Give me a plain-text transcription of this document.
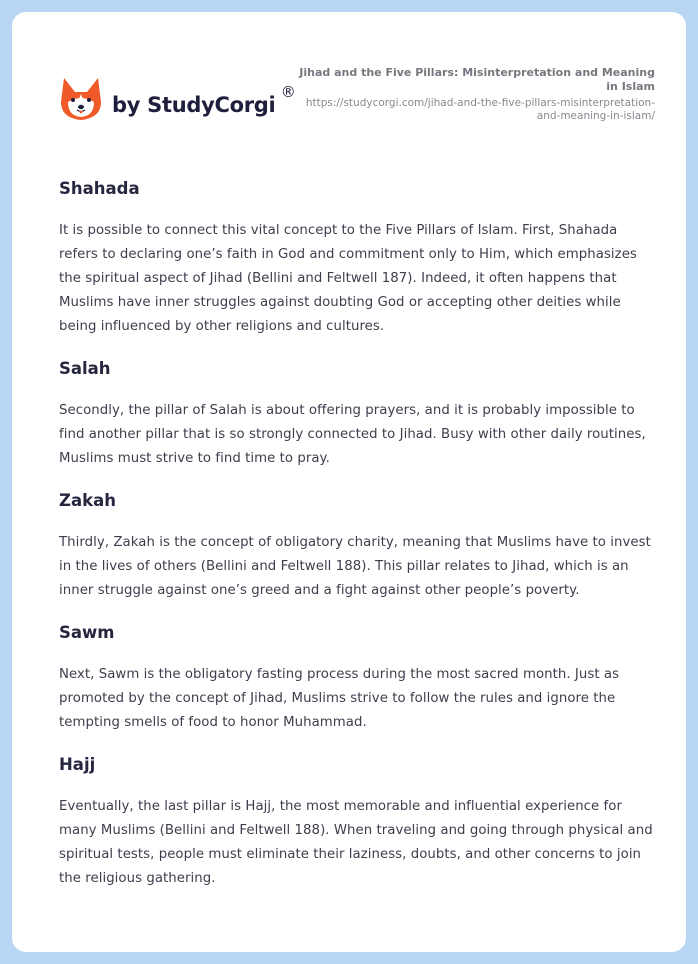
by StudyCorgi
®
Jihad and the Five Pillars: Misinterpretation and Meaning in Islam
https://studycorgi.com/jihad-and-the-five-pillars-misinterpretation-and-meaning-in-islam/
Shahada

It is possible to connect this vital concept to the Five Pillars of Islam. First, Shahada refers to declaring one’s faith in God and commitment only to Him, which emphasizes the spiritual aspect of Jihad (Bellini and Feltwell 187). Indeed, it often happens that Muslims have inner struggles against doubting God or accepting other deities while being influenced by other religions and cultures.

Salah

Secondly, the pillar of Salah is about offering prayers, and it is probably impossible to find another pillar that is so strongly connected to Jihad. Busy with other daily routines, Muslims must strive to find time to pray.

Zakah

Thirdly, Zakah is the concept of obligatory charity, meaning that Muslims have to invest in the lives of others (Bellini and Feltwell 188). This pillar relates to Jihad, which is an inner struggle against one’s greed and a fight against other people’s poverty.

Sawm

Next, Sawm is the obligatory fasting process during the most sacred month. Just as promoted by the concept of Jihad, Muslims strive to follow the rules and ignore the tempting smells of food to honor Muhammad.

Hajj

Eventually, the last pillar is Hajj, the most memorable and influential experience for many Muslims (Bellini and Feltwell 188). When traveling and going through physical and spiritual tests, people must eliminate their laziness, doubts, and other concerns to join the religious gathering.
